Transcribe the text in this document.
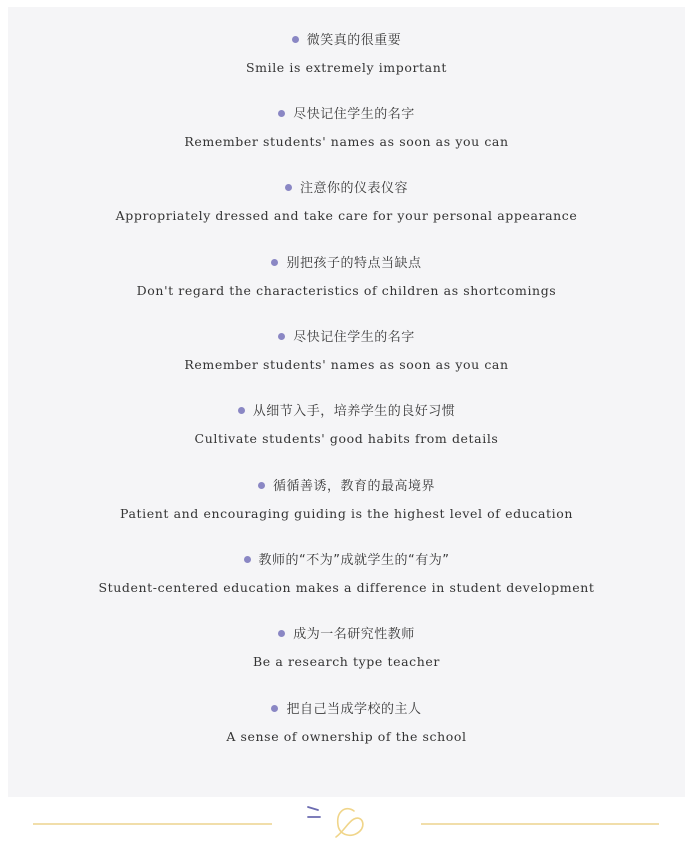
微笑真的很重要
Smile is extremely important
尽快记住学生的名字
Remember students' names as soon as you can
注意你的仪表仪容
Appropriately dressed and take care for your personal appearance
别把孩子的特点当缺点
Don't regard the characteristics of children as shortcomings
尽快记住学生的名字
Remember students' names as soon as you can
从细节入手，培养学生的良好习惯
Cultivate students' good habits from details
循循善诱，教育的最高境界
Patient and encouraging guiding is the highest level of education
教师的“不为”成就学生的“有为”
Student-centered education makes a difference in student development
成为一名研究性教师
Be a research type teacher
把自己当成学校的主人
A sense of ownership of the school
